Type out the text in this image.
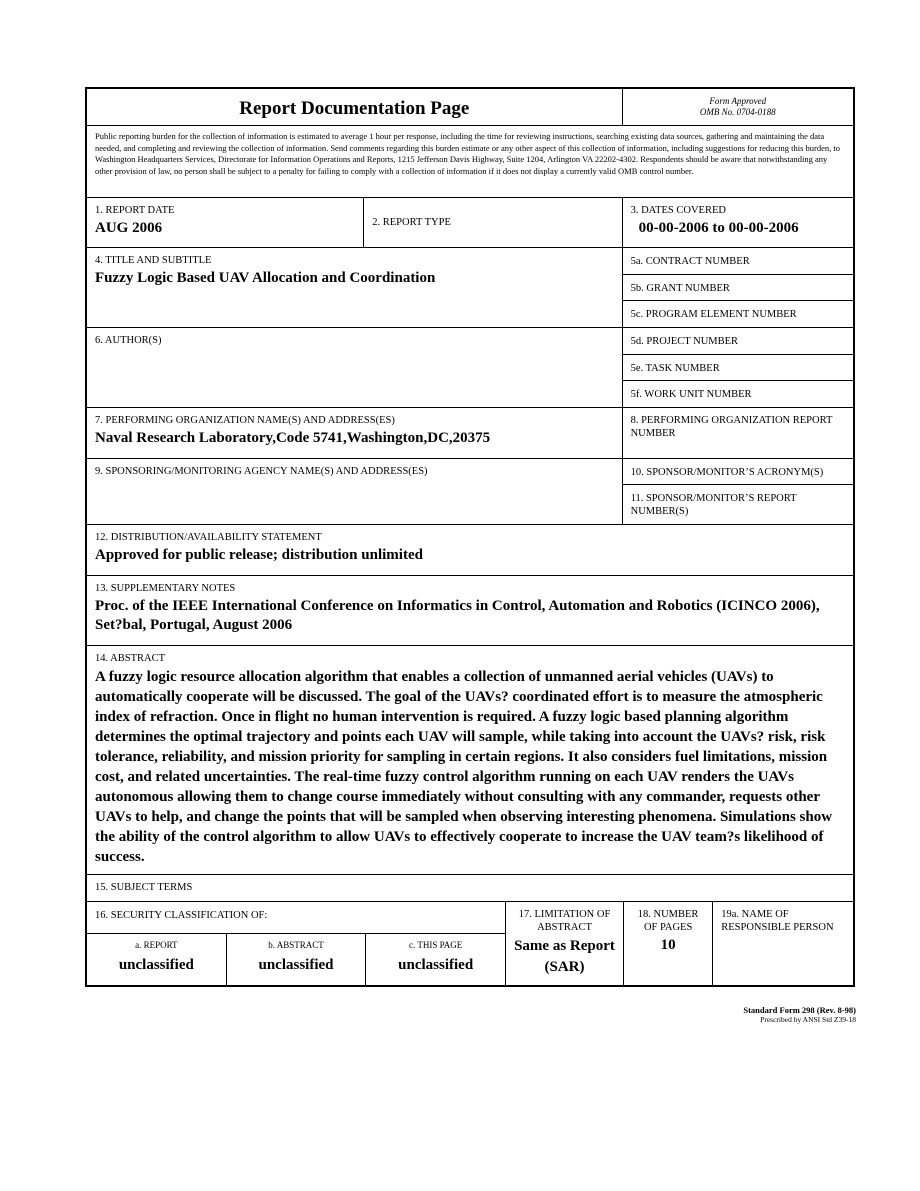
Report Documentation Page	Form Approved
OMB No. 0704-0188
Public reporting burden for the collection of information is estimated to average 1 hour per response, including the time for reviewing instructions, searching existing data sources, gathering and maintaining the data needed, and completing and reviewing the collection of information. Send comments regarding this burden estimate or any other aspect of this collection of information, including suggestions for reducing this burden, to Washington Headquarters Services, Directorate for Information Operations and Reports, 1215 Jefferson Davis Highway, Suite 1204, Arlington VA 22202-4302. Respondents should be aware that notwithstanding any other provision of law, no person shall be subject to a penalty for failing to comply with a collection of information if it does not display a currently valid OMB control number.
1. REPORT DATE
AUG 2006	2. REPORT TYPE
3. DATES COVERED
00-00-2006 to 00-00-2006
4. TITLE AND SUBTITLE
Fuzzy Logic Based UAV Allocation and Coordination
5a. CONTRACT NUMBER
5b. GRANT NUMBER
5c. PROGRAM ELEMENT NUMBER
6. AUTHOR(S)	5d. PROJECT NUMBER
5e. TASK NUMBER
5f. WORK UNIT NUMBER
7. PERFORMING ORGANIZATION NAME(S) AND ADDRESS(ES)
Naval Research Laboratory,Code 5741,Washington,DC,20375
8. PERFORMING ORGANIZATION REPORT NUMBER
9. SPONSORING/MONITORING AGENCY NAME(S) AND ADDRESS(ES)	10. SPONSOR/MONITOR’S ACRONYM(S)
11. SPONSOR/MONITOR’S REPORT NUMBER(S)
12. DISTRIBUTION/AVAILABILITY STATEMENT
Approved for public release; distribution unlimited
13. SUPPLEMENTARY NOTES
Proc. of the IEEE International Conference on Informatics in Control, Automation and Robotics (ICINCO 2006), Set?bal, Portugal, August 2006
14. ABSTRACT
A fuzzy logic resource allocation algorithm that enables a collection of unmanned aerial vehicles (UAVs) to automatically cooperate will be discussed. The goal of the UAVs? coordinated effort is to measure the atmospheric index of refraction. Once in flight no human intervention is required. A fuzzy logic based planning algorithm determines the optimal trajectory and points each UAV will sample, while taking into account the UAVs? risk, risk tolerance, reliability, and mission priority for sampling in certain regions. It also considers fuel limitations, mission cost, and related uncertainties. The real-time fuzzy control algorithm running on each UAV renders the UAVs autonomous allowing them to change course immediately without consulting with any commander, requests other UAVs to help, and change the points that will be sampled when observing interesting phenomena. Simulations show the ability of the control algorithm to allow UAVs to effectively cooperate to increase the UAV team?s likelihood of success.
15. SUBJECT TERMS
16. SECURITY CLASSIFICATION OF:
a. REPORT
unclassified
b. ABSTRACT
unclassified
c. THIS PAGE
unclassified
17. LIMITATION OF ABSTRACT
Same as Report (SAR)
18. NUMBER OF PAGES
10
19a. NAME OF RESPONSIBLE PERSON
Standard Form 298 (Rev. 8-98)
Prescribed by ANSI Std Z39-18
